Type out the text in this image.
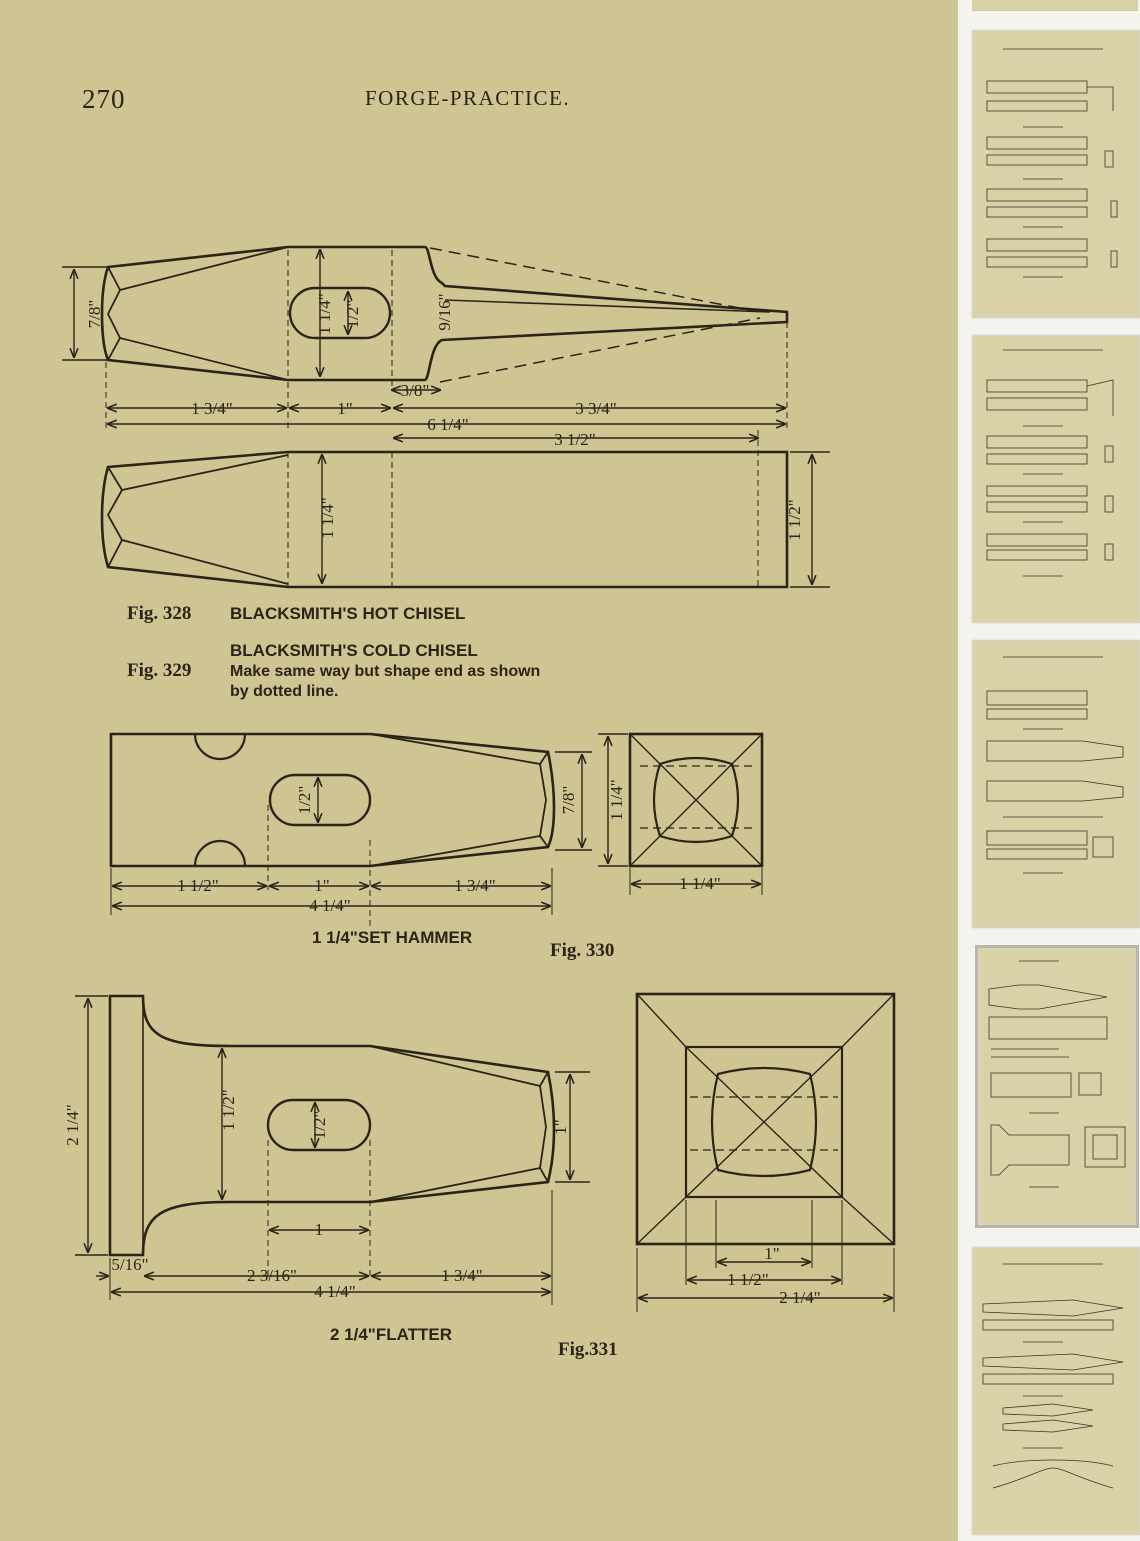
270	FORGE-PRACTICE.
7/8"	1 1/4" 1/2"	9/16"
1 3/4"	1"
3/8"
3 3/4"
6 1/4"
3 1/2"
1 1/4"	1 1/2"
Fig. 328 BLACKSMITH'S HOT CHISEL
BLACKSMITH'S COLD CHISEL
Fig. 329 Make same way but shape end as shown
by dotted line.
1/2"	7/8"
1 1/2"	1"	1 3/4"
4 1/4"
1 1/4"SET HAMMER
Fig. 330
1 1/4"
1 1/4"
2 1/4"	1 1/2"	1/2"	1"
1
5/16"
2 3/16"	1 3/4"
4 1/4"
2 1/4"FLATTER
Fig.331
1"
1 1/2"
2 1/4"
